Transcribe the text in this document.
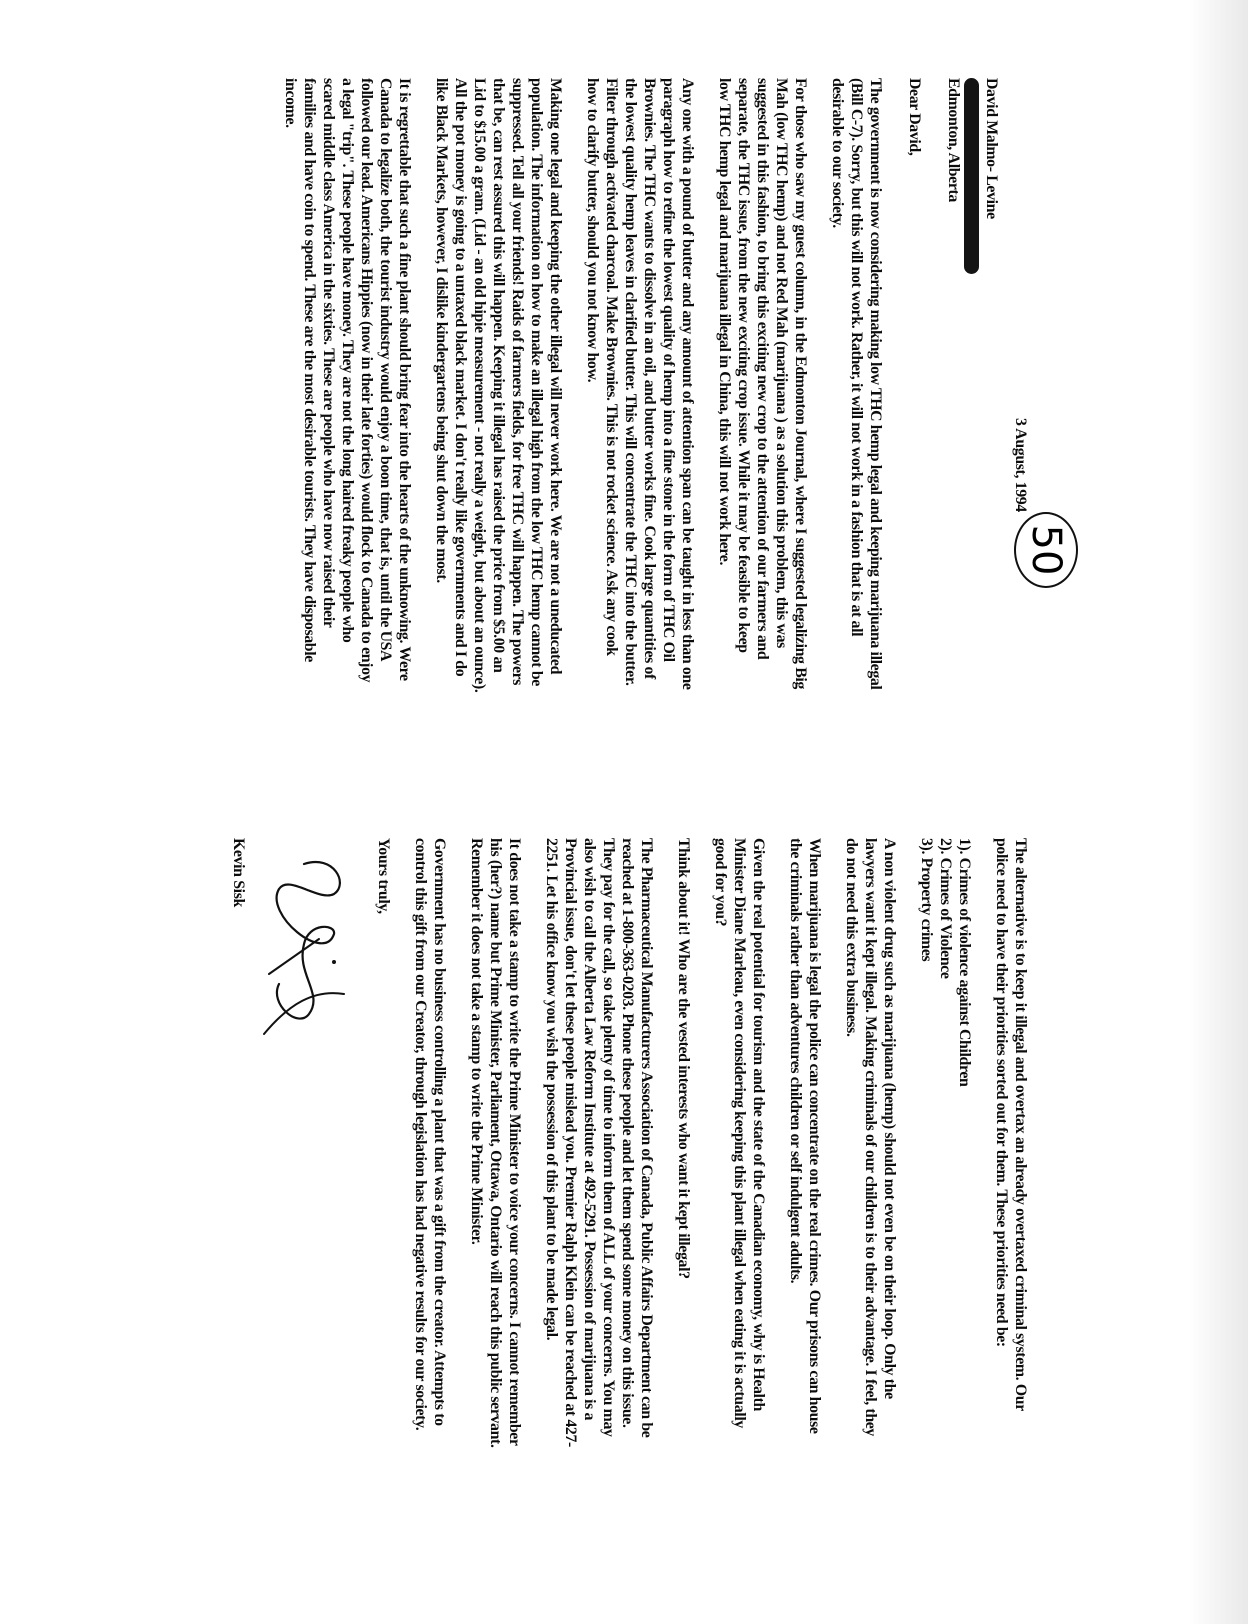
50

3 August, 1994

David Malmo- Levine
Edmonton, Alberta

Dear David,

The government is now considering making low THC hemp legal and keeping marijuana illegal
(Bill C-7). Sorry, but this will not work. Rather, it will not work in a fashion that is at all
desirable to our society.

For those who saw my guest column, in the Edmonton Journal, where I suggested legalizing Big
Mah (low THC hemp) and not Red Mah (marijuana ) as a solution this problem, this was
suggested in this fashion, to bring this exciting new crop to the attention of our farmers and
separate, the THC issue, from the new exciting crop issue. While it may be feasible to keep
low THC hemp legal and marijuana illegal in China, this will not work here.

Any one with a pound of butter and any amount of attention span can be taught in less than one
paragraph how to refine the lowest quality of hemp into a fine stone in the form of THC Oil
Brownies. The THC wants to dissolve in an oil, and butter works fine. Cook large quantities of
the lowest quality hemp leaves in clarified butter. This will concentrate the THC into the butter.
Filter through activated charcoal. Make Brownies. This is not rocket science. Ask any cook
how to clarify butter, should you not know how.

Making one legal and keeping the other illegal will never work here. We are not a uneducated
population. The information on how to make an illegal high from the low THC hemp cannot be
suppressed. Tell all your friends! Raids of farmers fields, for free THC will happen. The powers
that be, can rest assured this will happen. Keeping it illegal has raised the price from $5.00 an
Lid to $15.00 a gram. (Lid - an old hipie measurement - not really a weight, but about an ounce).
All the pot money is going to a untaxed black market. I don't really like governments and I do
like Black Markets, however, I dislike kindergartens being shut down the most.

It is regrettable that such a fine plant should bring fear into the hearts of the unknowing. Were
Canada to legalize both, the tourist industry would enjoy a boon time, that is, until the USA
followed our lead. Americans Hippies (now in their late forties) would flock to Canada to enjoy
a legal "trip". These people have money. They are not the long haired freaky people who
scared middle class America in the sixties. These are people who have now raised their
families and have coin to spend. These are the most desirable tourists. They have disposable
income.

The alternative is to keep it illegal and overtax an already overtaxed criminal system. Our
police need to have their priorities sorted out for them. These priorities need be:

1). Crimes of violence against Children
2). Crimes of Violence
3). Property crimes

A non violent drug such as marijuana (hemp) should not even be on their loop. Only the
lawyers want it kept illegal. Making criminals of our children is to their advantage. I feel, they
do not need this extra business.

When marijuana is legal the police can concentrate on the real crimes. Our prisons can house
the criminals rather than adventures children or self indulgent adults.

Given the real potential for tourism and the state of the Canadian economy, why is Health
Minister Diane Marleau, even considering keeping this plant illegal when eating it is actually
good for you?

Think about it! Who are the vested interests who want it kept illegal?

The Pharmaceutical Manufacturers Association of Canada, Public Affairs Department can be
reached at 1-800-363-0203. Phone these people and let them spend some money on this issue.
They pay for the call, so take plenty of time to inform them of ALL of your concerns. You may
also wish to call the Alberta Law Reform Institute at 492-5291. Possession of marijuana is a
Provincial issue, don't let these people mislead you. Premier Ralph Klein can be reached at 427-
2251. Let his office know you wish the possession of this plant to be made legal.

It does not take a stamp to write the Prime Minister to voice your concerns. I cannot remember
his (her?) name but Prime Minister, Parliament, Ottawa, Ontario will reach this public servant.
Remember it does not take a stamp to write the Prime Minister.

Government has no business controlling a plant that was a gift from the creator. Attempts to
control this gift from our Creator, through legislation has had negative results for our society.

Yours truly,

Kevin Sisk
